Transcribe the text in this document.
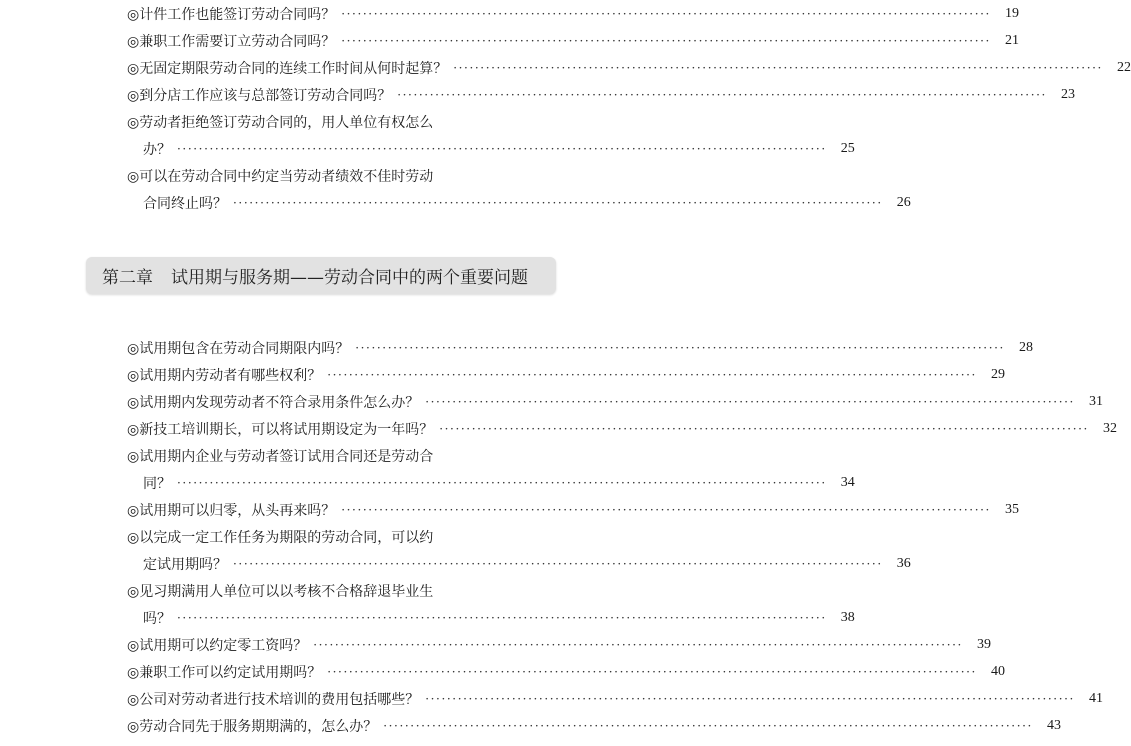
◎计件工作也能签订劳动合同吗？ ························································································································	19
◎兼职工作需要订立劳动合同吗？ ························································································································	21
◎无固定期限劳动合同的连续工作时间从何时起算？ ························································································································	22
◎到分店工作应该与总部签订劳动合同吗？ ························································································································	23
◎劳动者拒绝签订劳动合同的，用人单位有权怎么
办？ ························································································································	25
◎可以在劳动合同中约定当劳动者绩效不佳时劳动
合同终止吗？ ························································································································	26
第二章 试用期与服务期——劳动合同中的两个重要问题
◎试用期包含在劳动合同期限内吗？ ························································································································	28
◎试用期内劳动者有哪些权利？ ························································································································	29
◎试用期内发现劳动者不符合录用条件怎么办？ ························································································································	31
◎新技工培训期长，可以将试用期设定为一年吗？ ························································································································	32
◎试用期内企业与劳动者签订试用合同还是劳动合
同？ ························································································································	34
◎试用期可以归零，从头再来吗？ ························································································································	35
◎以完成一定工作任务为期限的劳动合同，可以约
定试用期吗？ ························································································································	36
◎见习期满用人单位可以以考核不合格辞退毕业生
吗？ ························································································································	38
◎试用期可以约定零工资吗？ ························································································································	39
◎兼职工作可以约定试用期吗？ ························································································································	40
◎公司对劳动者进行技术培训的费用包括哪些？ ························································································································	41
◎劳动合同先于服务期期满的，怎么办？ ························································································································	43
